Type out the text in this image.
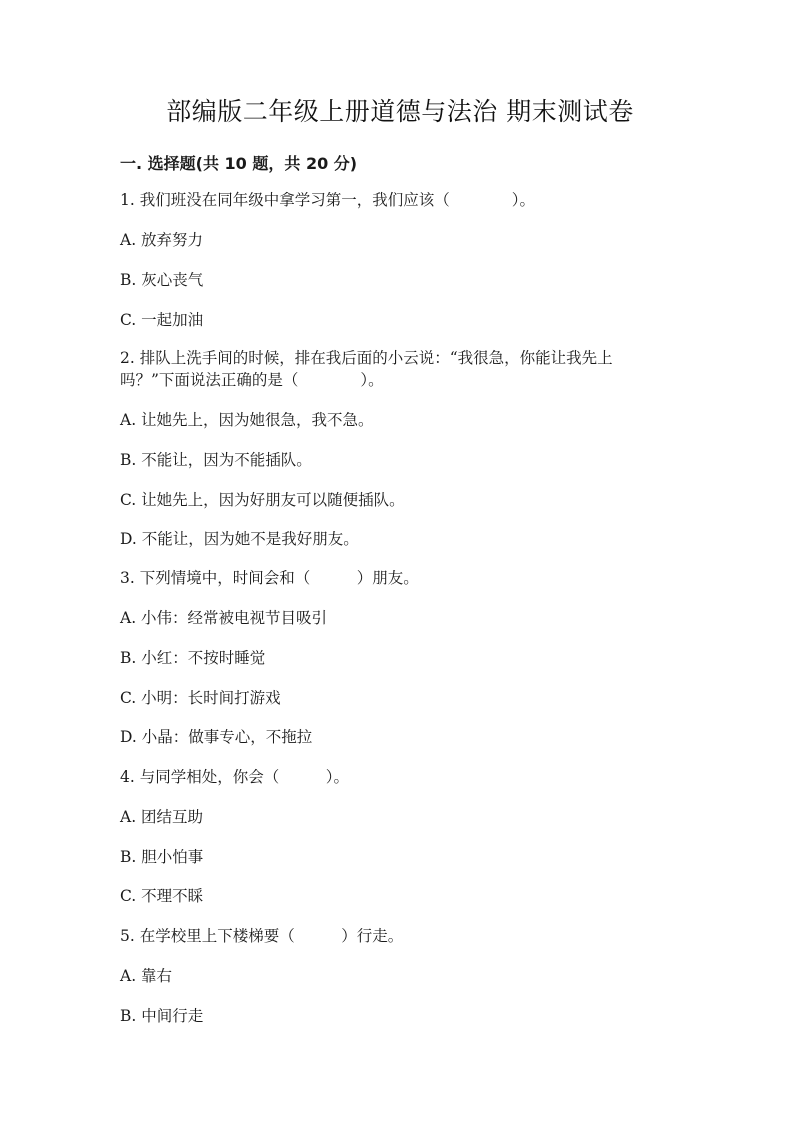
部编版二年级上册道德与法治 期末测试卷
一. 选择题(共 10 题，共 20 分)
1. 我们班没在同年级中拿学习第一，我们应该（　　　　）。
A. 放弃努力
B. 灰心丧气
C. 一起加油
2. 排队上洗手间的时候，排在我后面的小云说：“我很急，你能让我先上
吗？”下面说法正确的是（　　　　）。
A. 让她先上，因为她很急，我不急。
B. 不能让，因为不能插队。
C. 让她先上，因为好朋友可以随便插队。
D. 不能让，因为她不是我好朋友。
3. 下列情境中，时间会和（　　　）朋友。
A. 小伟：经常被电视节目吸引
B. 小红：不按时睡觉
C. 小明：长时间打游戏
D. 小晶：做事专心，不拖拉
4. 与同学相处，你会（　　　）。
A. 团结互助
B. 胆小怕事
C. 不理不睬
5. 在学校里上下楼梯要（　　　）行走。
A. 靠右
B. 中间行走
